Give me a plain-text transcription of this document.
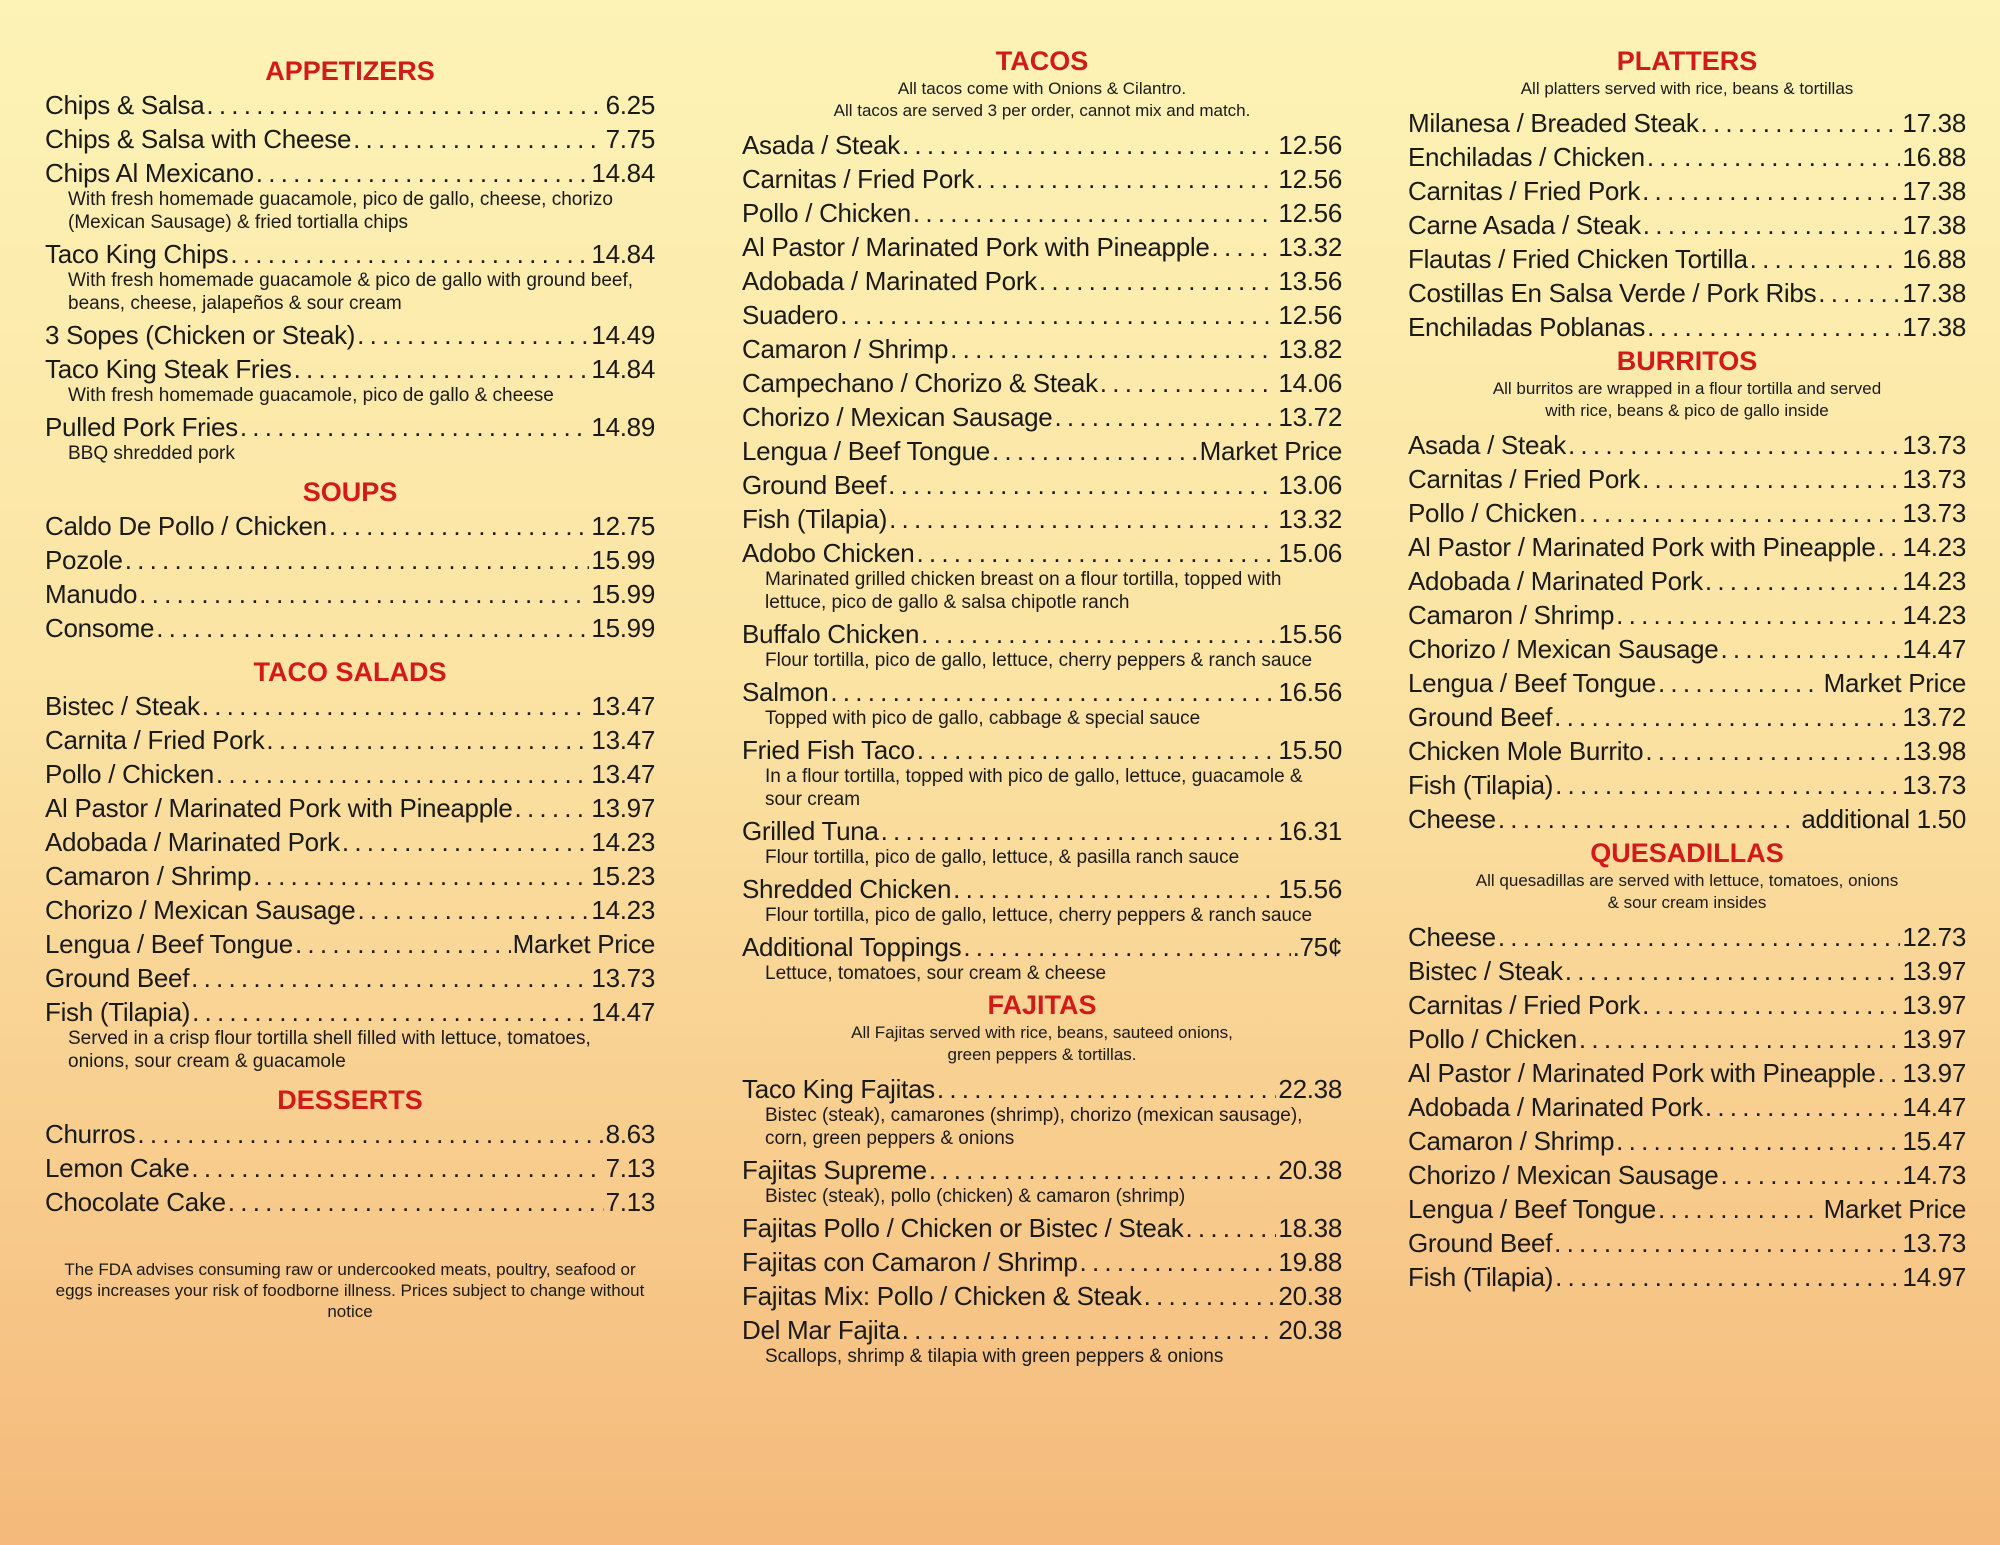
APPETIZERS
Chips & Salsa . . .	6.25
Chips & Salsa with Cheese . . .	7.75
Chips Al Mexicano . . .	14.84
With fresh homemade guacamole, pico de gallo, cheese, chorizo (Mexican Sausage) & fried tortialla chips
Taco King Chips . . .	14.84
With fresh homemade guacamole & pico de gallo with ground beef, beans, cheese, jalapeños & sour cream
3 Sopes (Chicken or Steak) . . .	14.49
Taco King Steak Fries . . .	14.84
With fresh homemade guacamole, pico de gallo & cheese
Pulled Pork Fries . . .	14.89
BBQ shredded pork
SOUPS
Caldo De Pollo / Chicken . . .	12.75
Pozole . . .	15.99
Manudo . . .	15.99
Consome . . .	15.99
TACO SALADS
Bistec / Steak . . .	13.47
Carnita / Fried Pork . . .	13.47
Pollo / Chicken . . .	13.47
Al Pastor / Marinated Pork with Pineapple . . .	13.97
Adobada / Marinated Pork . . .	14.23
Camaron / Shrimp . . .	15.23
Chorizo / Mexican Sausage . . .	14.23
Lengua / Beef Tongue . . .	Market Price
Ground Beef . . .	13.73
Fish (Tilapia) . . .	14.47
Served in a crisp flour tortilla shell filled with lettuce, tomatoes, onions, sour cream & guacamole
DESSERTS
Churros . . .	8.63
Lemon Cake . . .	7.13
Chocolate Cake . . .	7.13

The FDA advises consuming raw or undercooked meats, poultry, seafood or eggs increases your risk of foodborne illness. Prices subject to change without notice

TACOS

All tacos come with Onions & Cilantro.

All tacos are served 3 per order, cannot mix and match.

Asada / Steak . . .	12.56
Carnitas / Fried Pork . . .	12.56
Pollo / Chicken . . .	12.56
Al Pastor / Marinated Pork with Pineapple . . .	13.32
Adobada / Marinated Pork . . .	13.56
Suadero . . .	12.56
Camaron / Shrimp . . .	13.82
Campechano / Chorizo & Steak . . .	14.06
Chorizo / Mexican Sausage . . .	13.72
Lengua / Beef Tongue . . .	Market Price
Ground Beef . . .	13.06
Fish (Tilapia) . . .	13.32
Adobo Chicken . . .	15.06
Marinated grilled chicken breast on a flour tortilla, topped with lettuce, pico de gallo & salsa chipotle ranch
Buffalo Chicken . . .	15.56
Flour tortilla, pico de gallo, lettuce, cherry peppers & ranch sauce
Salmon . . .	16.56
Topped with pico de gallo, cabbage & special sauce
Fried Fish Taco . . .	15.50
In a flour tortilla, topped with pico de gallo, lettuce, guacamole & sour cream
Grilled Tuna . . .	16.31
Flour tortilla, pico de gallo, lettuce, & pasilla ranch sauce
Shredded Chicken . . .	15.56
Flour tortilla, pico de gallo, lettuce, cherry peppers & ranch sauce
Additional Toppings . . .	.75¢
Lettuce, tomatoes, sour cream & cheese
FAJITAS

All Fajitas served with rice, beans, sauteed onions,

green peppers & tortillas.

Taco King Fajitas . . .	22.38
Bistec (steak), camarones (shrimp), chorizo (mexican sausage), corn, green peppers & onions
Fajitas Supreme . . .	20.38
Bistec (steak), pollo (chicken) & camaron (shrimp)
Fajitas Pollo / Chicken or Bistec / Steak . . .	18.38
Fajitas con Camaron / Shrimp . . .	19.88
Fajitas Mix: Pollo / Chicken & Steak . . .	20.38
Del Mar Fajita . . .	20.38
Scallops, shrimp & tilapia with green peppers & onions
PLATTERS

All platters served with rice, beans & tortillas

Milanesa / Breaded Steak . . .	17.38
Enchiladas / Chicken . . .	16.88
Carnitas / Fried Pork . . .	17.38
Carne Asada / Steak . . .	17.38
Flautas / Fried Chicken Tortilla . . .	16.88
Costillas En Salsa Verde / Pork Ribs . . .	17.38
Enchiladas Poblanas . . .	17.38
BURRITOS

All burritos are wrapped in a flour tortilla and served

with rice, beans & pico de gallo inside

Asada / Steak . . .	13.73
Carnitas / Fried Pork . . .	13.73
Pollo / Chicken . . .	13.73
Al Pastor / Marinated Pork with Pineapple . . . 14.23
Adobada / Marinated Pork . . .	14.23
Camaron / Shrimp . . .	14.23
Chorizo / Mexican Sausage . . .	14.47
Lengua / Beef Tongue . . .	Market Price
Ground Beef . . .	13.72
Chicken Mole Burrito . . .	13.98
Fish (Tilapia) . . .	13.73
Cheese . . .	additional 1.50
QUESADILLAS

All quesadillas are served with lettuce, tomatoes, onions

& sour cream insides

Cheese . . .	12.73
Bistec / Steak . . .	13.97
Carnitas / Fried Pork . . .	13.97
Pollo / Chicken . . .	13.97
Al Pastor / Marinated Pork with Pineapple . . . 13.97
Adobada / Marinated Pork . . .	14.47
Camaron / Shrimp . . .	15.47
Chorizo / Mexican Sausage . . .	14.73
Lengua / Beef Tongue . . .	Market Price
Ground Beef . . .	13.73
Fish (Tilapia) . . .	14.97
